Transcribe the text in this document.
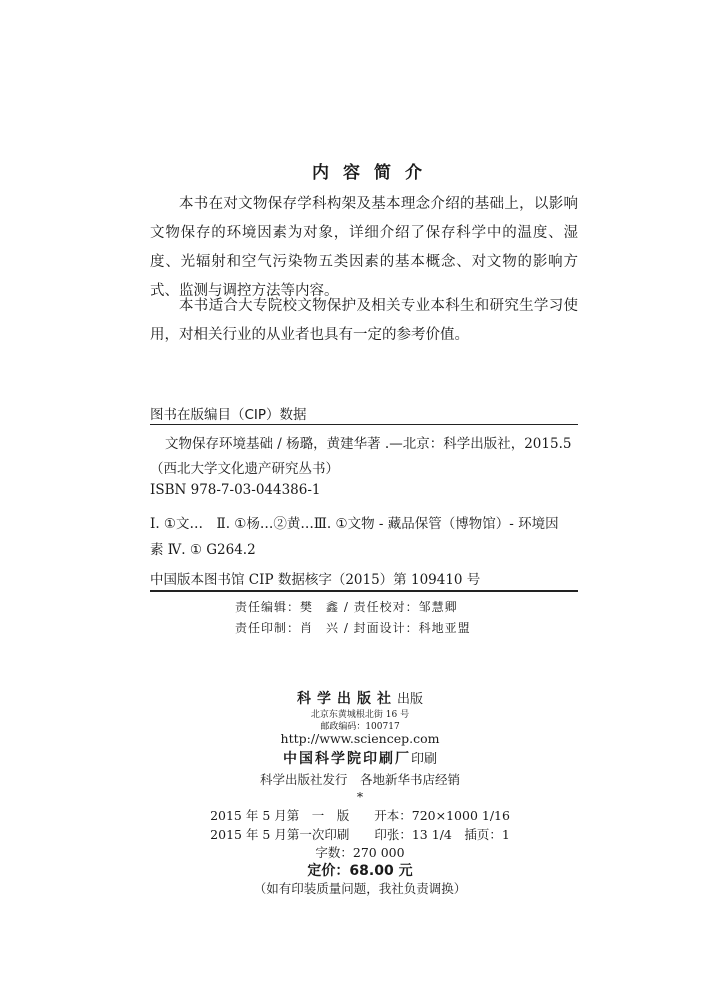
内容简介

本书在对文物保存学科构架及基本理念介绍的基础上，以影响文物保存的环境因素为对象，详细介绍了保存科学中的温度、湿度、光辐射和空气污染物五类因素的基本概念、对文物的影响方式、监测与调控方法等内容。

本书适合大专院校文物保护及相关专业本科生和研究生学习使用，对相关行业的从业者也具有一定的参考价值。

图书在版编目（CIP）数据
文物保存环境基础 / 杨璐，黄建华著 .—北京：科学出版社，2015.5
（西北大学文化遗产研究丛书）
ISBN 978-7-03-044386-1
Ⅰ. ①文…　Ⅱ. ①杨…②黄…Ⅲ. ①文物 - 藏品保管（博物馆）- 环境因
素 Ⅳ. ① G264.2
中国版本图书馆 CIP 数据核字（2015）第 109410 号
责任编辑：樊　鑫 / 责任校对：邹慧卿
责任印制：肖　兴 / 封面设计：科地亚盟
科学出版社出版
北京东黄城根北街 16 号
邮政编码：100717
http://www.sciencep.com
中国科学院印刷厂印刷
科学出版社发行　各地新华书店经销
*
2015 年 5 月第　一　版　　开本：720×1000 1/16
2015 年 5 月第一次印刷　　印张：13 1/4　插页：1
字数：270 000
定价：68.00 元
（如有印装质量问题，我社负责调换）
